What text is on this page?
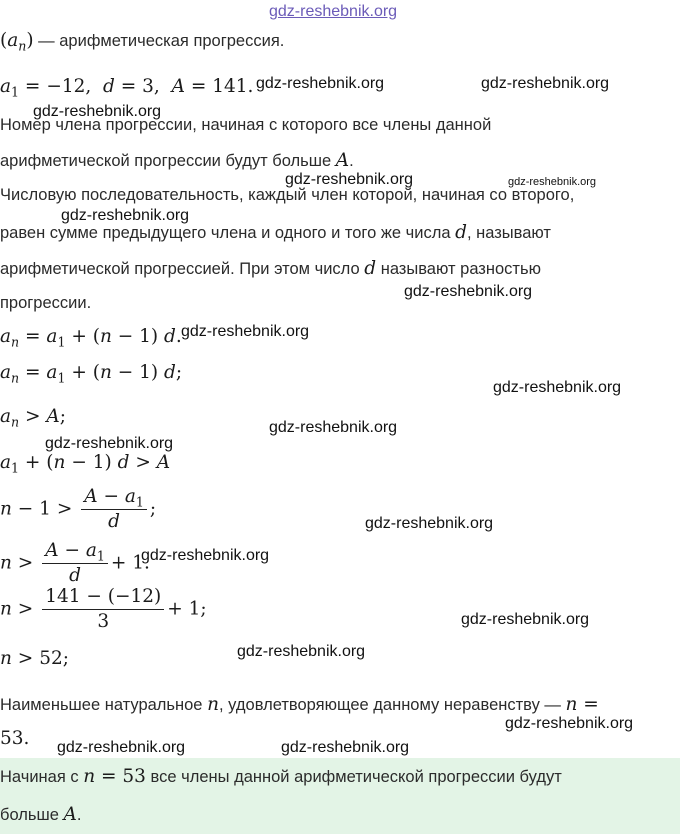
gdz-reshebnik.org
$(a_n)$ — арифметическая прогрессия.
$a_1 = -12$,  d = 3,  A = 141.
Номер члена прогрессии, начиная с которого все члены данной
арифметической прогрессии будут больше A.
Числовую последовательность, каждый член которой, начиная со второго,
равен сумме предыдущего члена и одного и того же числа d, называют
арифметической прогрессией. При этом число d называют разностью
прогрессии.
$a_n = a_1 + (n - 1)$ d.
$a_n = a_1 + (n - 1)$ d;
$a_n > A$;
$a_1 + (n - 1) d > A$
$n - 1 > \frac{A - a_1}{d}$ ;
$n > \frac{A - a_1}{d} + 1$.
$n > \frac{141 - (-12)}{3} + 1$;
n > 52;
Наименьшее натуральное n, удовлетворяющее данному неравенству — n =
53.
Начиная с n = 53 все члены данной арифметической прогрессии будут
больше A.
gdz-reshebnik.org	gdz-reshebnik.org
gdz-reshebnik.org
gdz-reshebnik.org	gdz-reshebnik.org
gdz-reshebnik.org
gdz-reshebnik.org
gdz-reshebnik.org
gdz-reshebnik.org
gdz-reshebnik.org
gdz-reshebnik.org
gdz-reshebnik.org
gdz-reshebnik.org
gdz-reshebnik.org
gdz-reshebnik.org
gdz-reshebnik.org
gdz-reshebnik.org	gdz-reshebnik.org
